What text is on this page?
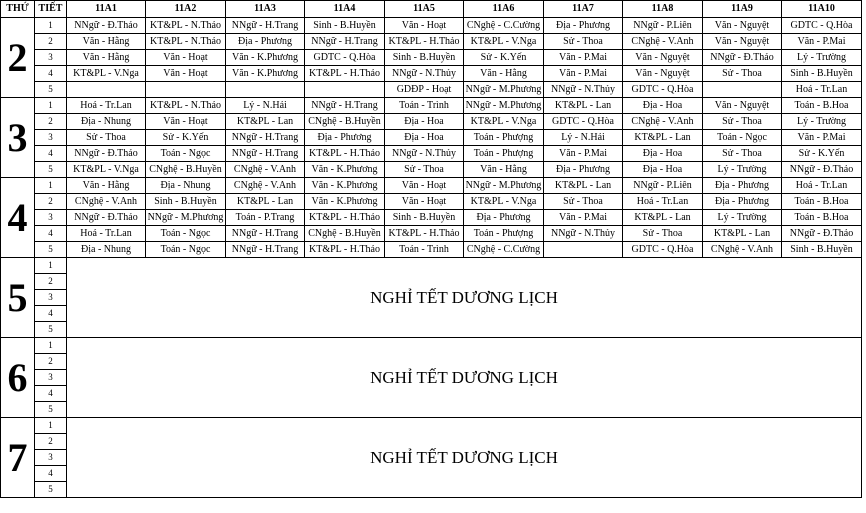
THỨ	TIẾT	11A1	11A2	11A3	11A4	11A5	11A6	11A7	11A8	11A9	11A10
2	1	NNgữ - Đ.Thảo	KT&PL - N.Thảo	NNgữ - H.Trang	Sinh - B.Huyền	Văn - Hoạt	CNghệ - C.Cường	Địa - Phương	NNgữ - P.Liên	Văn - Nguyệt	GDTC - Q.Hòa
	2	Văn - Hằng	KT&PL - N.Thảo	Địa - Phương	NNgữ - H.Trang	KT&PL - H.Thảo	KT&PL - V.Nga	Sử - Thoa	CNghệ - V.Anh	Văn - Nguyệt	Văn - P.Mai
	3	Văn - Hằng	Văn - Hoạt	Văn - K.Phương	GDTC - Q.Hòa	Sinh - B.Huyền	Sử - K.Yến	Văn - P.Mai	Văn - Nguyệt	NNgữ - Đ.Thảo	Lý - Trường
	4	KT&PL - V.Nga	Văn - Hoạt	Văn - K.Phương	KT&PL - H.Thảo	NNgữ - N.Thủy	Văn - Hằng	Văn - P.Mai	Văn - Nguyệt	Sử - Thoa	Sinh - B.Huyền
	5					GDĐP - Hoạt	NNgữ - M.Phương	NNgữ - N.Thủy	GDTC - Q.Hòa		Hoá - Tr.Lan
3	1	Hoá - Tr.Lan	KT&PL - N.Thảo	Lý - N.Hải	NNgữ - H.Trang	Toán - Trình	NNgữ - M.Phương	KT&PL - Lan	Địa - Hoa	Văn - Nguyệt	Toán - B.Hoa
	2	Địa - Nhung	Văn - Hoạt	KT&PL - Lan	CNghệ - B.Huyền	Địa - Hoa	KT&PL - V.Nga	GDTC - Q.Hòa	CNghệ - V.Anh	Sử - Thoa	Lý - Trường
	3	Sử - Thoa	Sử - K.Yến	NNgữ - H.Trang	Địa - Phương	Địa - Hoa	Toán - Phượng	Lý - N.Hải	KT&PL - Lan	Toán - Ngọc	Văn - P.Mai
	4	NNgữ - Đ.Thảo	Toán - Ngọc	NNgữ - H.Trang	KT&PL - H.Thảo	NNgữ - N.Thủy	Toán - Phượng	Văn - P.Mai	Địa - Hoa	Sử - Thoa	Sử - K.Yến
	5	KT&PL - V.Nga	CNghệ - B.Huyền	CNghệ - V.Anh	Văn - K.Phương	Sử - Thoa	Văn - Hằng	Địa - Phương	Địa - Hoa	Lý - Trường	NNgữ - Đ.Thảo
4	1	Văn - Hằng	Địa - Nhung	CNghệ - V.Anh	Văn - K.Phương	Văn - Hoạt	NNgữ - M.Phương	KT&PL - Lan	NNgữ - P.Liên	Địa - Phương	Hoá - Tr.Lan
	2	CNghệ - V.Anh	Sinh - B.Huyền	KT&PL - Lan	Văn - K.Phương	Văn - Hoạt	KT&PL - V.Nga	Sử - Thoa	Hoá - Tr.Lan	Địa - Phương	Toán - B.Hoa
	3	NNgữ - Đ.Thảo	NNgữ - M.Phương	Toán - P.Trang	KT&PL - H.Thảo	Sinh - B.Huyền	Địa - Phương	Văn - P.Mai	KT&PL - Lan	Lý - Trường	Toán - B.Hoa
	4	Hoá - Tr.Lan	Toán - Ngọc	NNgữ - H.Trang	CNghệ - B.Huyền	KT&PL - H.Thảo	Toán - Phượng	NNgữ - N.Thủy	Sử - Thoa	KT&PL - Lan	NNgữ - Đ.Thảo
	5	Địa - Nhung	Toán - Ngọc	NNgữ - H.Trang	KT&PL - H.Thảo	Toán - Trình	CNghệ - C.Cường		GDTC - Q.Hòa	CNghệ - V.Anh	Sinh - B.Huyền
5	1	NGHỈ TẾT DƯƠNG LỊCH									
	2										
	3										
	4										
	5										
6	1	NGHỈ TẾT DƯƠNG LỊCH									
	2										
	3										
	4										
	5										
7	1	NGHỈ TẾT DƯƠNG LỊCH									
	2										
	3										
	4										
	5										
